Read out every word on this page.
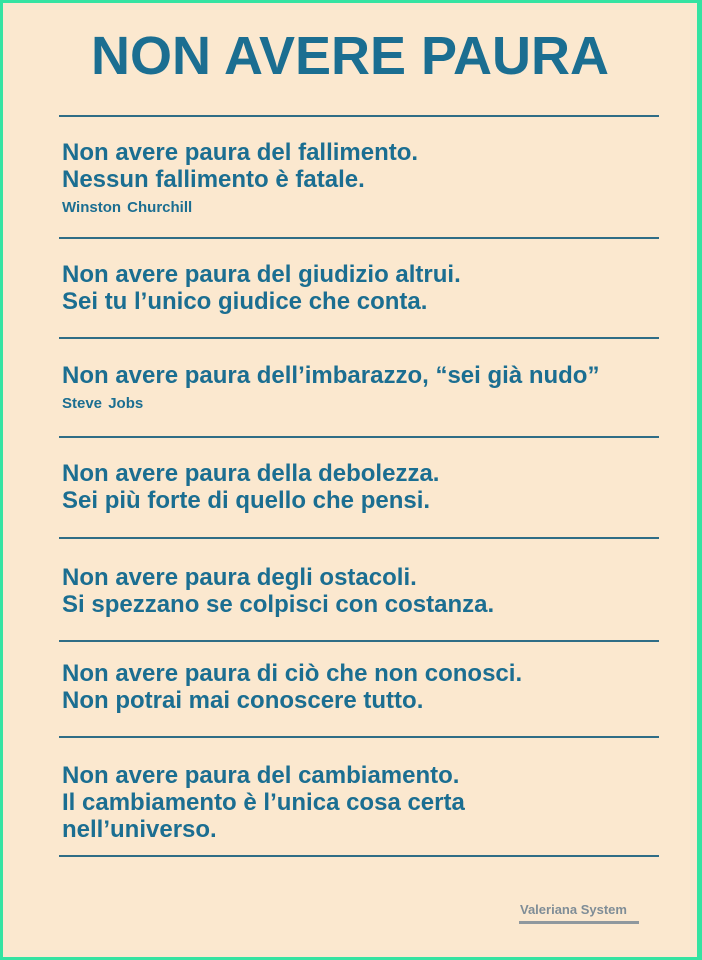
NON AVERE PAURA
Non avere paura del fallimento.
Nessun fallimento è fatale.
Winston Churchill
Non avere paura del giudizio altrui.
Sei tu l’unico giudice che conta.
Non avere paura dell’imbarazzo, “sei già nudo”
Steve Jobs
Non avere paura della debolezza.
Sei più forte di quello che pensi.
Non avere paura degli ostacoli.
Si spezzano se colpisci con costanza.
Non avere paura di ciò che non conosci.
Non potrai mai conoscere tutto.
Non avere paura del cambiamento.
Il cambiamento è l’unica cosa certa
nell’universo.
Valeriana System
